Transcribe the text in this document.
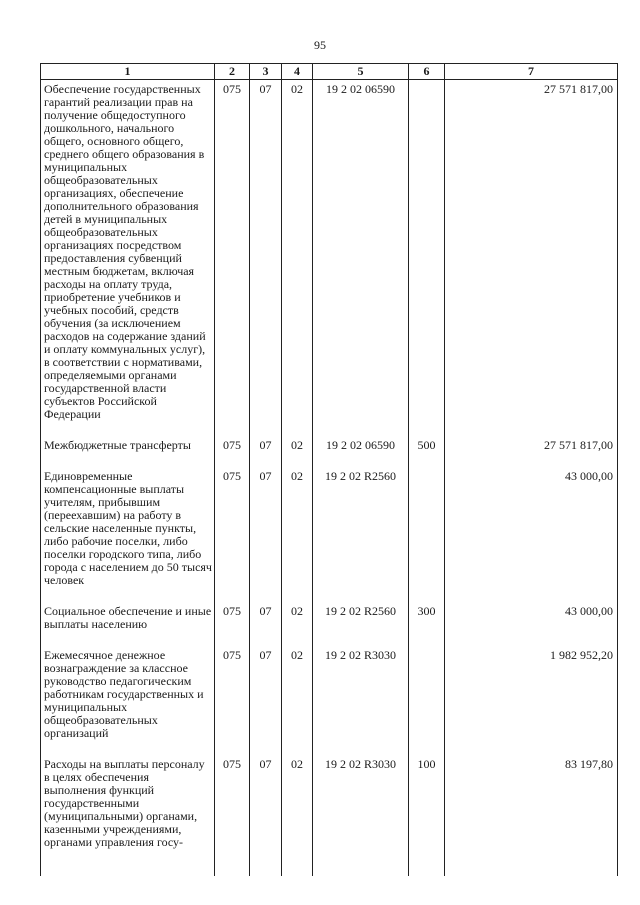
95
1	2	3	4	5	6	7
Обеспечение государственных гарантий реализации прав на получение общедоступного дошкольного, начального общего, основного общего, среднего общего образования в муниципальных общеобразовательных организациях, обеспечение дополнительного образования детей в муниципальных общеобразовательных организациях посредством предоставления субвенций местным бюджетам, включая расходы на оплату труда, приобретение учебников и учебных пособий, средств обучения (за исключением расходов на содержание зданий и оплату коммунальных услуг), в соответствии с нормативами, определяемыми органами государственной власти субъектов Российской Федерации	075	07	02	19 2 02 06590		27 571 817,00

Межбюджетные трансферты	075	07	02	19 2 02 06590	500	27 571 817,00

Единовременные компенсационные выплаты учителям, прибывшим (переехавшим) на работу в сельские населенные пункты, либо рабочие поселки, либо поселки городского типа, либо города с населением до 50 тысяч человек	075	07	02	19 2 02 R2560		43 000,00

Социальное обеспечение и иные выплаты населению	075	07	02	19 2 02 R2560	300	43 000,00

Ежемесячное денежное вознаграждение за классное руководство педагогическим работникам государственных и муниципальных общеобразовательных организаций	075	07	02	19 2 02 R3030		1 982 952,20

Расходы на выплаты персоналу в целях обеспечения выполнения функций государственными (муниципальными) органами, казенными учреждениями, органами управления госу-	075	07	02	19 2 02 R3030	100	83 197,80
